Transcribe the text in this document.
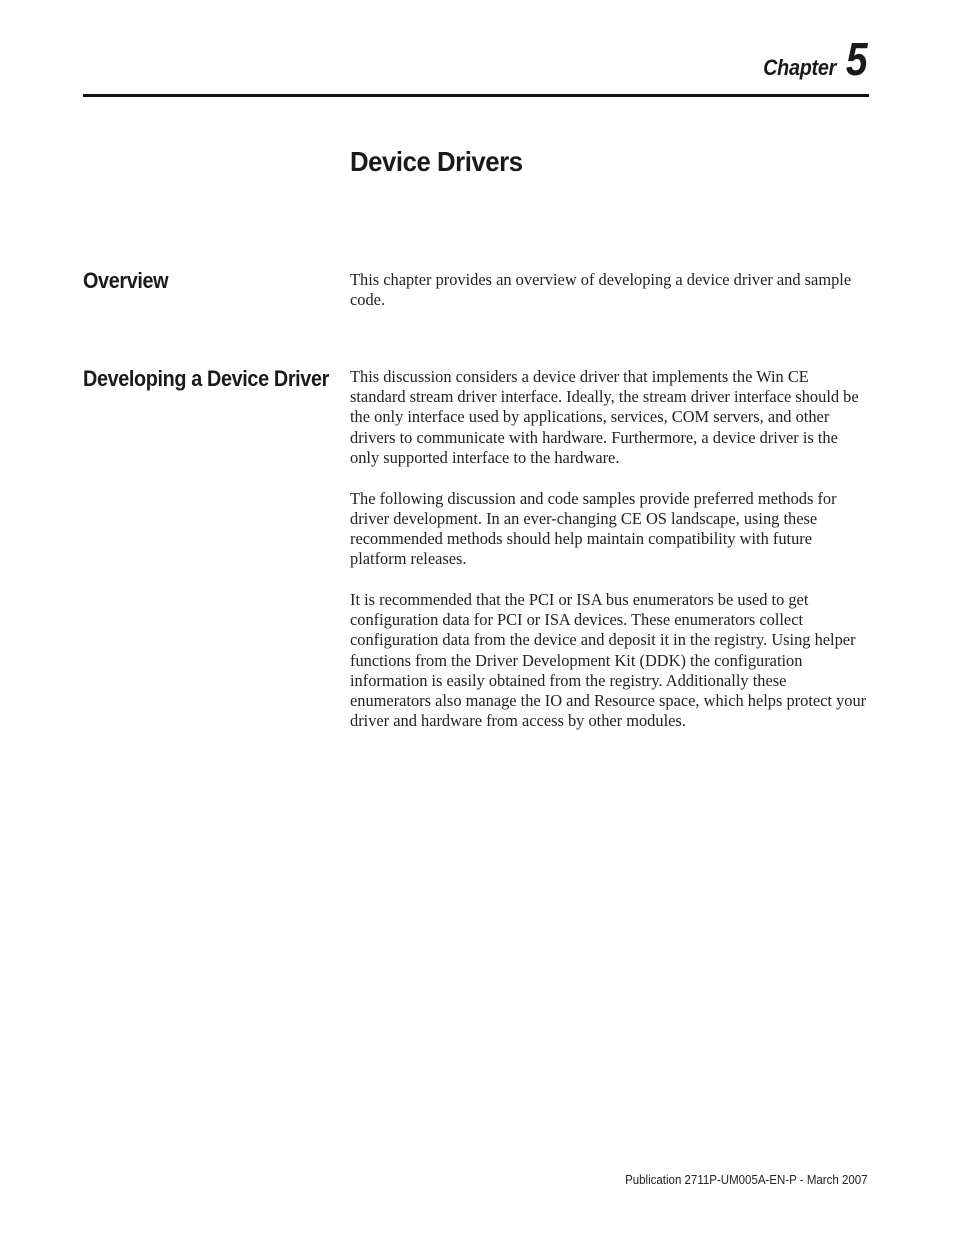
Chapter 5
Device Drivers
Overview	This chapter provides an overview of developing a device driver and sample code.

Developing a Device Driver This discussion considers a device driver that implements the Win CE standard stream driver interface. Ideally, the stream driver interface should be the only interface used by applications, services, COM servers, and other drivers to communicate with hardware. Furthermore, a device driver is the only supported interface to the hardware.

The following discussion and code samples provide preferred methods for driver development. In an ever-changing CE OS landscape, using these recommended methods should help maintain compatibility with future platform releases.

It is recommended that the PCI or ISA bus enumerators be used to get configuration data for PCI or ISA devices. These enumerators collect configuration data from the device and deposit it in the registry. Using helper functions from the Driver Development Kit (DDK) the configuration information is easily obtained from the registry. Additionally these enumerators also manage the IO and Resource space, which helps protect your driver and hardware from access by other modules.

Publication 2711P-UM005A-EN-P - March 2007
